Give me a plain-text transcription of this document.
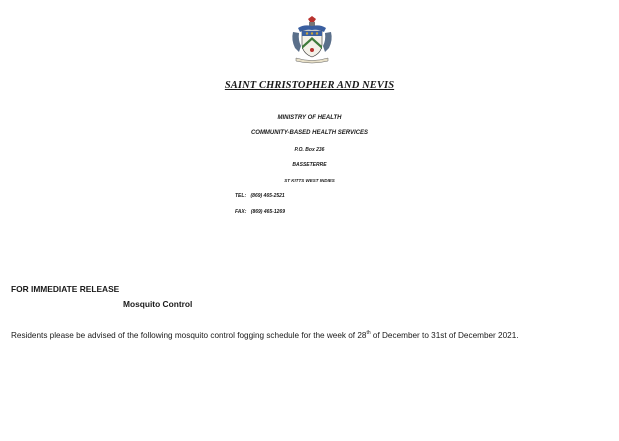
SAINT CHRISTOPHER AND NEVIS
MINISTRY OF HEALTH
COMMUNITY-BASED HEALTH SERVICES
P.O. Box 236
BASSETERRE
ST KITTS WEST INDIES
TEL: (869) 465-2521
FAX: (869) 465-1269
FOR IMMEDIATE RELEASE
Mosquito Control
Residents please be advised of the following mosquito control fogging schedule for the week of 28th of December to 31st of December 2021.
